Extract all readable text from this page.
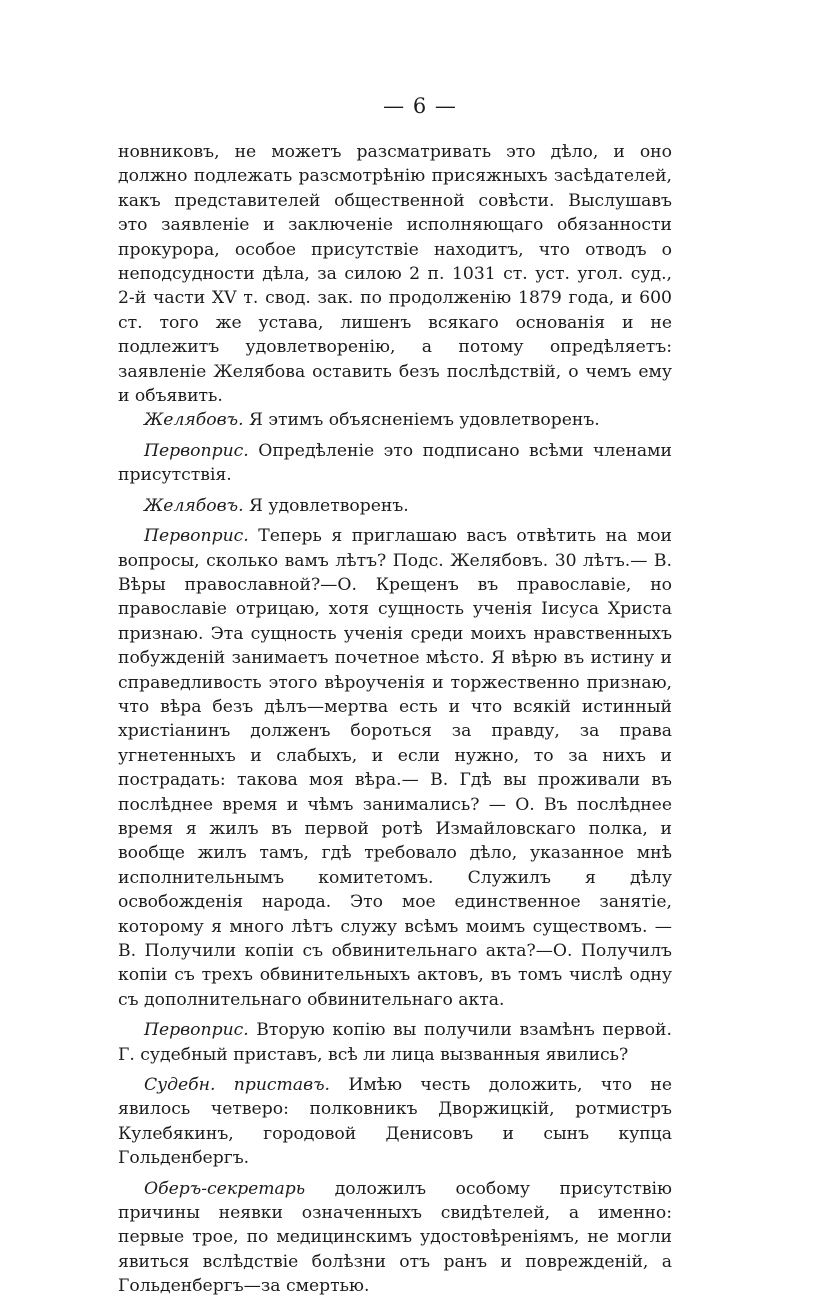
— 6 —

новниковъ, не можетъ разсматривать это дѣло, и оно должно подлежать разсмотрѣнію присяжныхъ засѣдателей, какъ представителей общественной совѣсти. Выслушавъ это заявленіе и заключеніе исполняющаго обязанности прокурора, особое присутствіе находитъ, что отводъ о неподсудности дѣла, за силою 2 п. 1031 ст. уст. угол. суд., 2-й части XV т. свод. зак. по продолженію 1879 года, и 600 ст. того же устава, лишенъ всякаго основанія и не подлежитъ удовлетворенію, а потому опредѣляетъ: заявленіе Желябова оставить безъ послѣдствій, о чемъ ему и объявить.

Желябовъ. Я этимъ объясненіемъ удовлетворенъ.

Первоприс. Опредѣленіе это подписано всѣми членами присутствія.

Желябовъ. Я удовлетворенъ.

Первоприс. Теперь я приглашаю васъ отвѣтить на мои вопросы, сколько вамъ лѣтъ? Подс. Желябовъ. 30 лѣтъ.— В. Вѣры православной?—О. Крещенъ въ православіе, но православіе отрицаю, хотя сущность ученія Іисуса Христа признаю. Эта сущность ученія среди моихъ нравственныхъ побужденій занимаетъ почетное мѣсто. Я вѣрю въ истину и справедливость этого вѣроученія и торжественно признаю, что вѣра безъ дѣлъ—мертва есть и что всякій истинный христіанинъ долженъ бороться за правду, за права угнетенныхъ и слабыхъ, и если нужно, то за нихъ и пострадать: такова моя вѣра.— В. Гдѣ вы проживали въ послѣднее время и чѣмъ занимались? — О. Въ послѣднее время я жилъ въ первой ротѣ Измайловскаго полка, и вообще жилъ тамъ, гдѣ требовало дѣло, указанное мнѣ исполнительнымъ комитетомъ. Служилъ я дѣлу освобожденія народа. Это мое единственное занятіе, которому я много лѣтъ служу всѣмъ моимъ существомъ. — В. Получили копіи съ обвинительнаго акта?—О. Получилъ копіи съ трехъ обвинительныхъ актовъ, въ томъ числѣ одну съ дополнительнаго обвинительнаго акта.

Первоприс. Вторую копію вы получили взамѣнъ первой. Г. судебный приставъ, всѣ ли лица вызванныя явились?

Судебн. приставъ. Имѣю честь доложить, что не явилось четверо: полковникъ Дворжицкій, ротмистръ Кулебякинъ, городовой Денисовъ и сынъ купца Гольденбергъ.

Оберъ-секретарь доложилъ особому присутствію причины неявки означенныхъ свидѣтелей, а именно: первые трое, по медицинскимъ удостовѣреніямъ, не могли явиться вслѣдствіе болѣзни отъ ранъ и поврежденій, а Гольденбергъ—за смертью.
